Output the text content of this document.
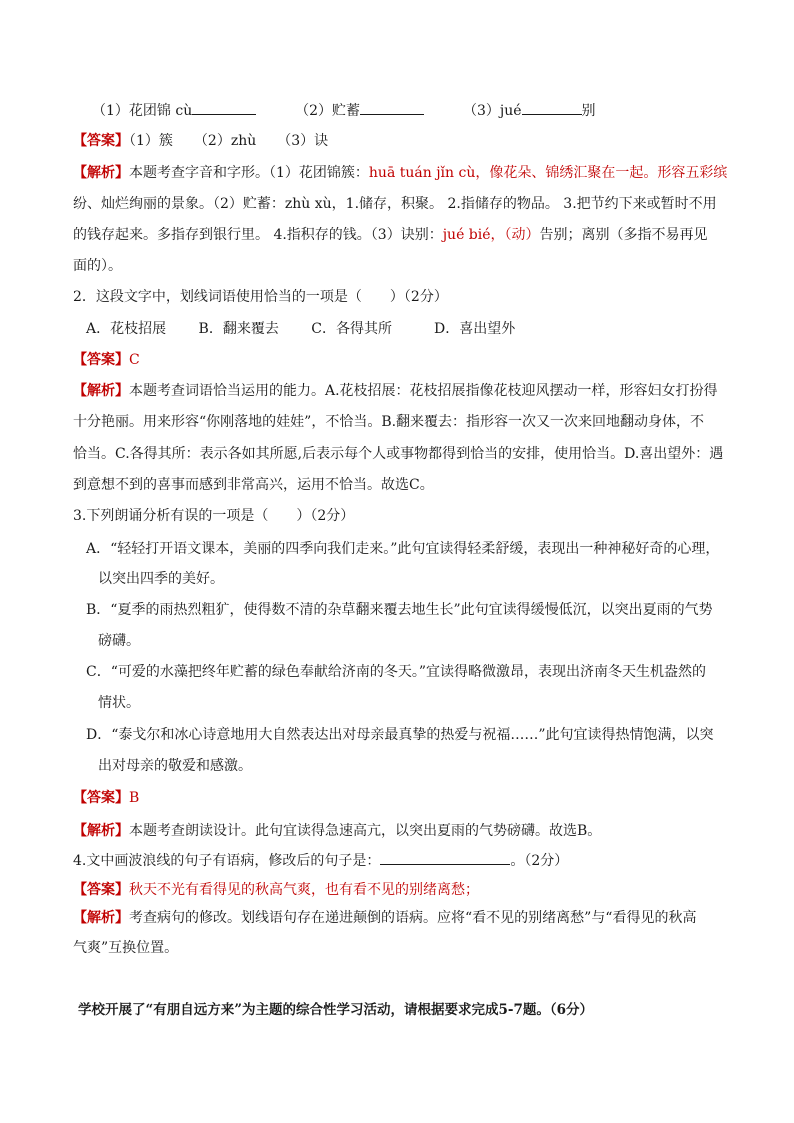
（1）花团锦 cù	（2）贮蓄	（3）jué	别
【答案】（1）簇　　（2）zhù　　（3）诀
【解析】本题考查字音和字形。（1）花团锦簇：huā tuán jǐn cù，像花朵、锦绣汇聚在一起。形容五彩缤
纷、灿烂绚丽的景象。（2）贮蓄：zhù xù，1.储存，积聚。 2.指储存的物品。 3.把节约下来或暂时不用
的钱存起来。多指存到银行里。 4.指积存的钱。（3）诀别：jué bié，（动）告别；离别（多指不易再见
面的）。
2．这段文字中，划线词语使用恰当的一项是（　　）（2分）
A．花枝招展　　 B．翻来覆去　　 C．各得其所　　　D．喜出望外
【答案】C
【解析】本题考查词语恰当运用的能力。A.花枝招展：花枝招展指像花枝迎风摆动一样，形容妇女打扮得
十分艳丽。用来形容“你刚落地的娃娃”，不恰当。B.翻来覆去：指形容一次又一次来回地翻动身体，不
恰当。C.各得其所：表示各如其所愿,后表示每个人或事物都得到恰当的安排，使用恰当。D.喜出望外：遇
到意想不到的喜事而感到非常高兴，运用不恰当。故选C。
3.下列朗诵分析有误的一项是（　　）（2分）
A．“轻轻打开语文课本，美丽的四季向我们走来。”此句宜读得轻柔舒缓，表现出一种神秘好奇的心理，
以突出四季的美好。
B．“夏季的雨热烈粗犷，使得数不清的杂草翻来覆去地生长”此句宜读得缓慢低沉，以突出夏雨的气势
磅礴。
C．“可爱的水藻把终年贮蓄的绿色奉献给济南的冬天。”宜读得略微激昂，表现出济南冬天生机盎然的
情状。
D．“泰戈尔和冰心诗意地用大自然表达出对母亲最真挚的热爱与祝福……”此句宜读得热情饱满，以突
出对母亲的敬爱和感激。
【答案】B
【解析】本题考查朗读设计。此句宜读得急速高亢，以突出夏雨的气势磅礴。故选B。
4.文中画波浪线的句子有语病，修改后的句子是：	。（2分）
【答案】秋天不光有看得见的秋高气爽，也有看不见的别绪离愁；
【解析】考查病句的修改。划线语句存在递进颠倒的语病。应将“看不见的别绪离愁”与“看得见的秋高
气爽”互换位置。
学校开展了“有朋自远方来”为主题的综合性学习活动，请根据要求完成5-7题。（6分）
